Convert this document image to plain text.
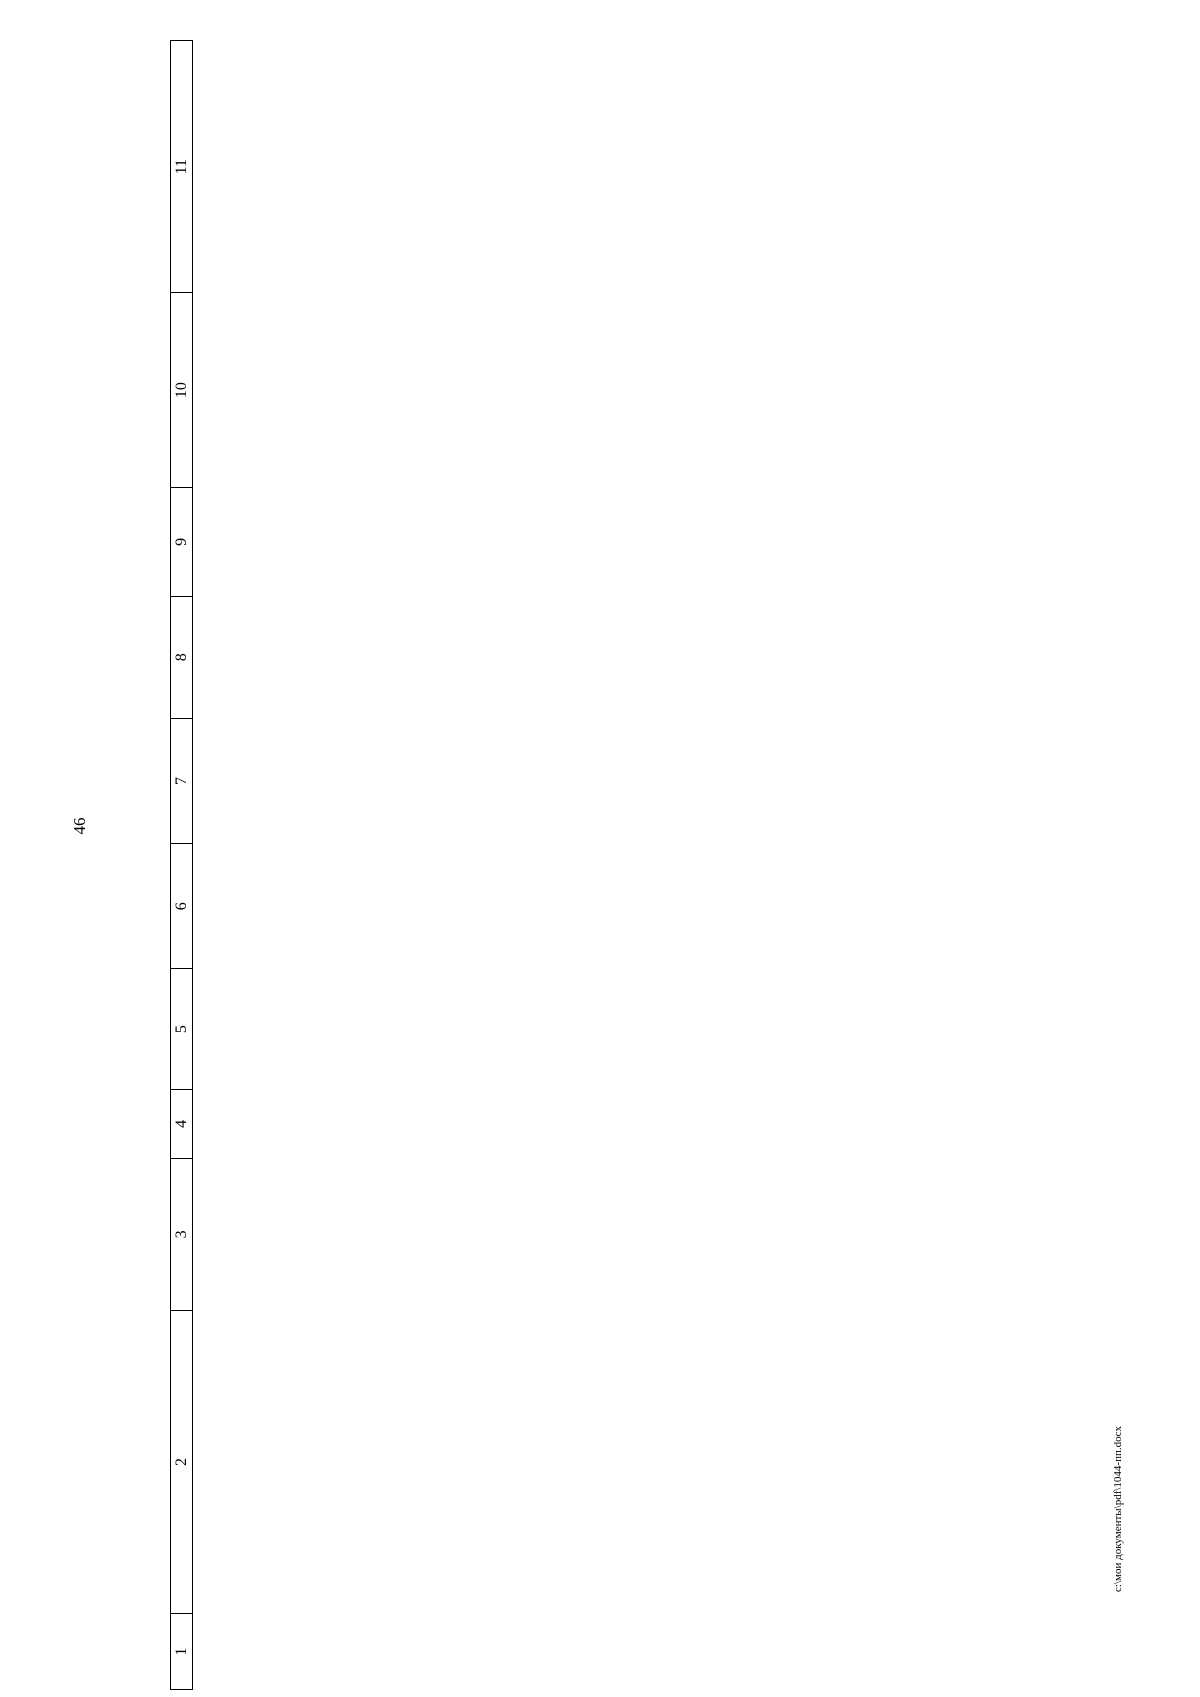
46
1	2	3	4	5	6	7	8	9	10	11
c:\мои документы\pdf\1044-пп.docx
